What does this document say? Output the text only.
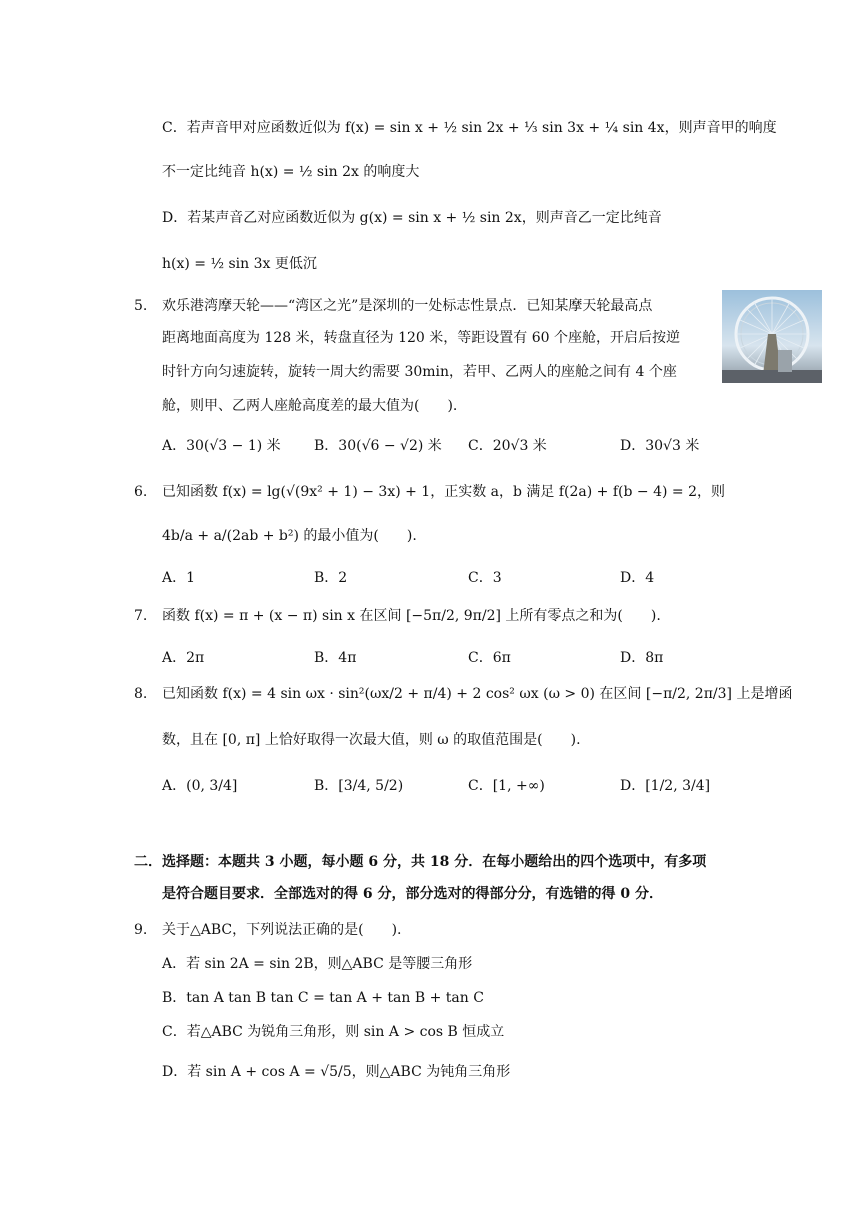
C．若声音甲对应函数近似为 f(x) = sin x + ½ sin 2x + ⅓ sin 3x + ¼ sin 4x，则声音甲的响度
不一定比纯音 h(x) = ½ sin 2x 的响度大
D．若某声音乙对应函数近似为 g(x) = sin x + ½ sin 2x，则声音乙一定比纯音
h(x) = ½ sin 3x 更低沉
5. 欢乐港湾摩天轮——“湾区之光”是深圳的一处标志性景点．已知某摩天轮最高点
距离地面高度为 128 米，转盘直径为 120 米，等距设置有 60 个座舱，开启后按逆
时针方向匀速旋转，旋转一周大约需要 30min，若甲、乙两人的座舱之间有 4 个座
舱，则甲、乙两人座舱高度差的最大值为(　　).
A．30(√3 − 1) 米 B．30(√6 − √2) 米 C．20√3 米	D．30√3 米
6. 已知函数 f(x) = lg(√(9x² + 1) − 3x) + 1，正实数 a，b 满足 f(2a) + f(b − 4) = 2，则
4b/a + a/(2ab + b²) 的最小值为(　　).
A．1	B．2	C．3	D．4
7. 函数 f(x) = π + (x − π) sin x 在区间 [−5π/2, 9π/2] 上所有零点之和为(　　).
A．2π	B．4π	C．6π	D．8π
8. 已知函数 f(x) = 4 sin ωx · sin²(ωx/2 + π/4) + 2 cos² ωx (ω > 0) 在区间 [−π/2, 2π/3] 上是增函
数，且在 [0, π] 上恰好取得一次最大值，则 ω 的取值范围是(　　).
A．(0, 3/4]	B．[3/4, 5/2)	C．[1, +∞)	D．[1/2, 3/4]
二．选择题：本题共 3 小题，每小题 6 分，共 18 分．在每小题给出的四个选项中，有多项
是符合题目要求．全部选对的得 6 分，部分选对的得部分分，有选错的得 0 分．
9. 关于△ABC，下列说法正确的是(　　).
A．若 sin 2A = sin 2B，则△ABC 是等腰三角形
B．tan A tan B tan C = tan A + tan B + tan C
C．若△ABC 为锐角三角形，则 sin A > cos B 恒成立
D．若 sin A + cos A = √5/5，则△ABC 为钝角三角形
